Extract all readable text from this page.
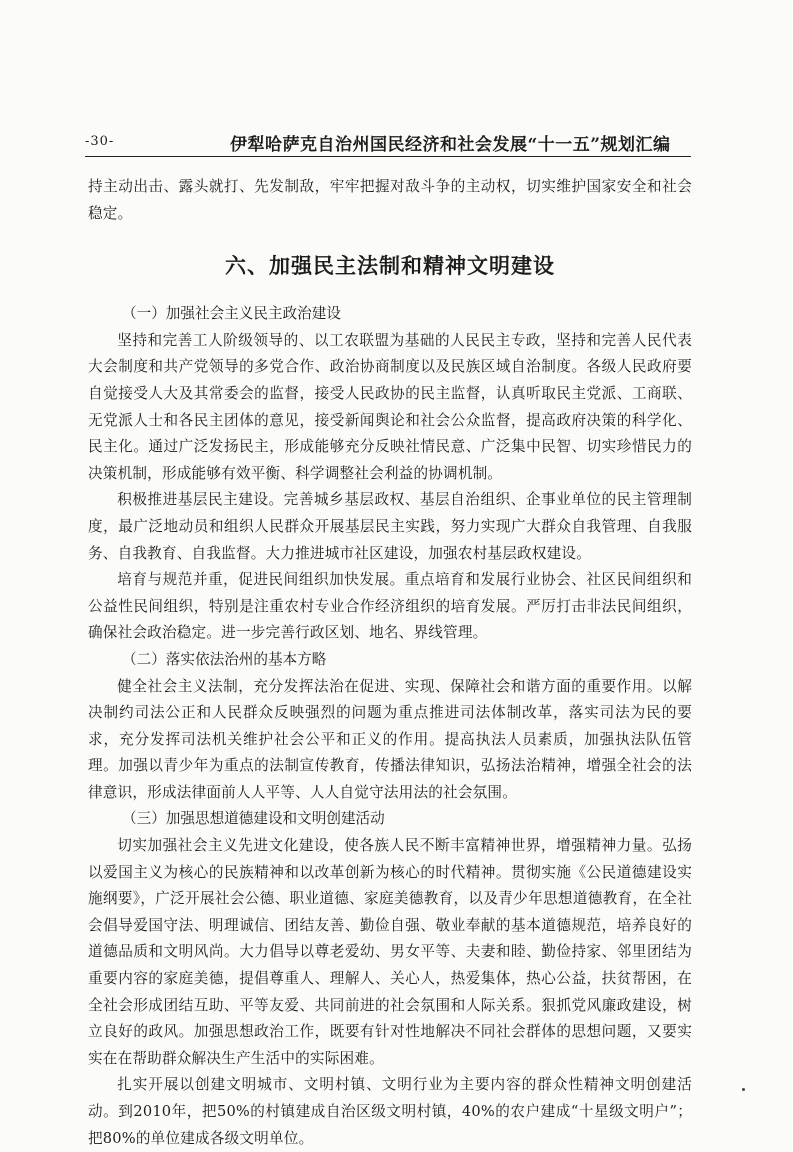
-30-	伊犁哈萨克自治州国民经济和社会发展“十一五”规划汇编

持主动出击、露头就打、先发制敌，牢牢把握对敌斗争的主动权，切实维护国家安全和社会稳定。

六、加强民主法制和精神文明建设
（一）加强社会主义民主政治建设

坚持和完善工人阶级领导的、以工农联盟为基础的人民民主专政，坚持和完善人民代表大会制度和共产党领导的多党合作、政治协商制度以及民族区域自治制度。各级人民政府要自觉接受人大及其常委会的监督，接受人民政协的民主监督，认真听取民主党派、工商联、无党派人士和各民主团体的意见，接受新闻舆论和社会公众监督，提高政府决策的科学化、民主化。通过广泛发扬民主，形成能够充分反映社情民意、广泛集中民智、切实珍惜民力的决策机制，形成能够有效平衡、科学调整社会利益的协调机制。

积极推进基层民主建设。完善城乡基层政权、基层自治组织、企事业单位的民主管理制度，最广泛地动员和组织人民群众开展基层民主实践，努力实现广大群众自我管理、自我服务、自我教育、自我监督。大力推进城市社区建设，加强农村基层政权建设。

培育与规范并重，促进民间组织加快发展。重点培育和发展行业协会、社区民间组织和公益性民间组织，特别是注重农村专业合作经济组织的培育发展。严厉打击非法民间组织，确保社会政治稳定。进一步完善行政区划、地名、界线管理。

（二）落实依法治州的基本方略

健全社会主义法制，充分发挥法治在促进、实现、保障社会和谐方面的重要作用。以解决制约司法公正和人民群众反映强烈的问题为重点推进司法体制改革，落实司法为民的要求，充分发挥司法机关维护社会公平和正义的作用。提高执法人员素质，加强执法队伍管理。加强以青少年为重点的法制宣传教育，传播法律知识，弘扬法治精神，增强全社会的法律意识，形成法律面前人人平等、人人自觉守法用法的社会氛围。

（三）加强思想道德建设和文明创建活动

切实加强社会主义先进文化建设，使各族人民不断丰富精神世界，增强精神力量。弘扬以爱国主义为核心的民族精神和以改革创新为核心的时代精神。贯彻实施《公民道德建设实施纲要》，广泛开展社会公德、职业道德、家庭美德教育，以及青少年思想道德教育，在全社会倡导爱国守法、明理诚信、团结友善、勤俭自强、敬业奉献的基本道德规范，培养良好的道德品质和文明风尚。大力倡导以尊老爱幼、男女平等、夫妻和睦、勤俭持家、邻里团结为重要内容的家庭美德，提倡尊重人、理解人、关心人，热爱集体，热心公益，扶贫帮困，在全社会形成团结互助、平等友爱、共同前进的社会氛围和人际关系。狠抓党风廉政建设，树立良好的政风。加强思想政治工作，既要有针对性地解决不同社会群体的思想问题，又要实实在在帮助群众解决生产生活中的实际困难。

扎实开展以创建文明城市、文明村镇、文明行业为主要内容的群众性精神文明创建活动。到2010年，把50%的村镇建成自治区级文明村镇，40%的农户建成“十星级文明户”；把80%的单位建成各级文明单位。
